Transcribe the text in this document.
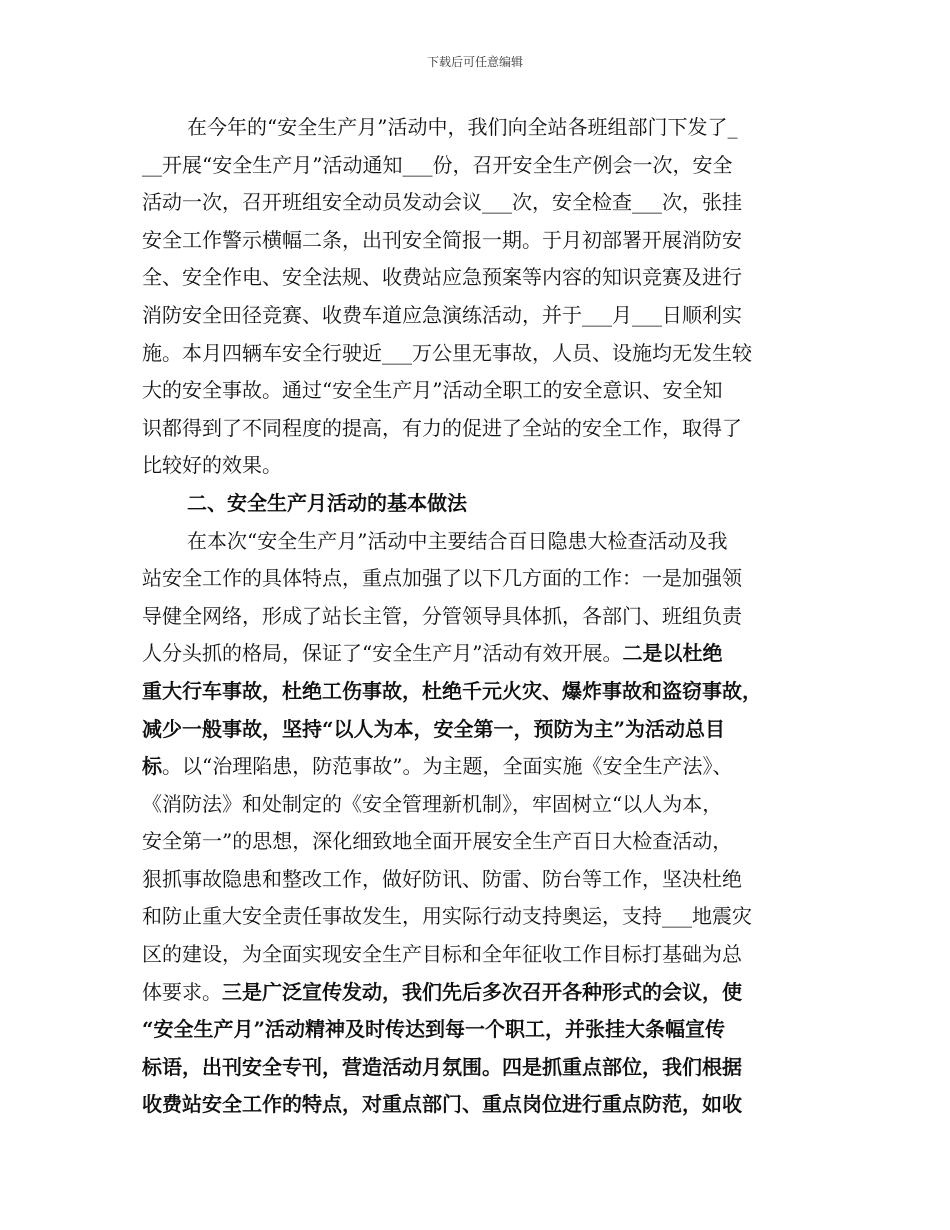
下载后可任意编辑
在今年的“安全生产月”活动中，我们向全站各班组部门下发了_
__开展“安全生产月”活动通知___份，召开安全生产例会一次，安全
活动一次，召开班组安全动员发动会议___次，安全检查___次，张挂
安全工作警示横幅二条，出刊安全简报一期。于月初部署开展消防安
全、安全作电、安全法规、收费站应急预案等内容的知识竞赛及进行
消防安全田径竞赛、收费车道应急演练活动，并于___月___日顺利实
施。本月四辆车安全行驶近___万公里无事故，人员、设施均无发生较
大的安全事故。通过“安全生产月”活动全职工的安全意识、安全知
识都得到了不同程度的提高，有力的促进了全站的安全工作，取得了
比较好的效果。
二、安全生产月活动的基本做法
在本次“安全生产月”活动中主要结合百日隐患大检查活动及我
站安全工作的具体特点，重点加强了以下几方面的工作：一是加强领
导健全网络，形成了站长主管，分管领导具体抓，各部门、班组负责
人分头抓的格局，保证了“安全生产月”活动有效开展。二是以杜绝
重大行车事故，杜绝工伤事故，杜绝千元火灾、爆炸事故和盗窃事故，
减少一般事故，坚持“以人为本，安全第一，预防为主”为活动总目
标。以“治理陷患，防范事故”。为主题，全面实施《安全生产法》、
《消防法》和处制定的《安全管理新机制》，牢固树立“以人为本，
安全第一”的思想，深化细致地全面开展安全生产百日大检查活动，
狠抓事故隐患和整改工作，做好防讯、防雷、防台等工作，坚决杜绝
和防止重大安全责任事故发生，用实际行动支持奥运，支持___地震灾
区的建设，为全面实现安全生产目标和全年征收工作目标打基础为总
体要求。三是广泛宣传发动，我们先后多次召开各种形式的会议，使
“安全生产月”活动精神及时传达到每一个职工，并张挂大条幅宣传
标语，出刊安全专刊，营造活动月氛围。四是抓重点部位，我们根据
收费站安全工作的特点，对重点部门、重点岗位进行重点防范，如收
